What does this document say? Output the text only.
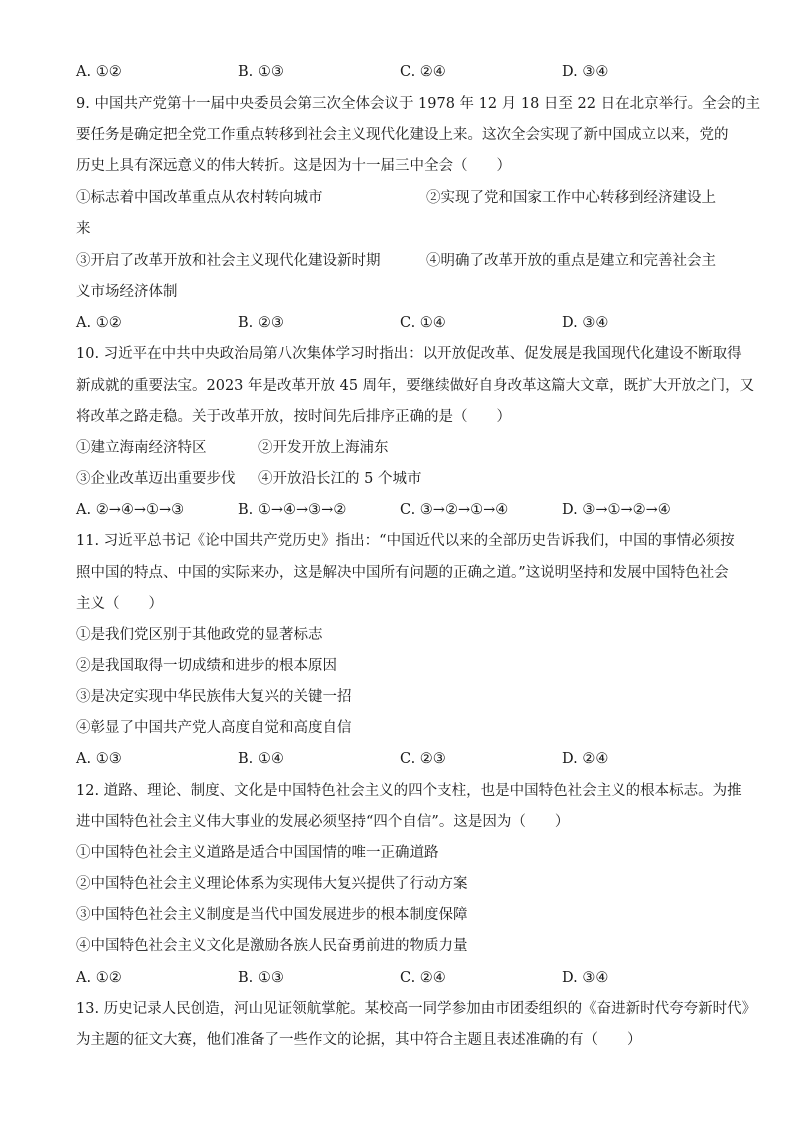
A. ①②	B. ①③	C. ②④	D. ③④
9. 中国共产党第十一届中央委员会第三次全体会议于 1978 年 12 月 18 日至 22 日在北京举行。全会的主
要任务是确定把全党工作重点转移到社会主义现代化建设上来。这次全会实现了新中国成立以来，党的
历史上具有深远意义的伟大转折。这是因为十一届三中全会（　　）
①标志着中国改革重点从农村转向城市	②实现了党和国家工作中心转移到经济建设上
来
③开启了改革开放和社会主义现代化建设新时期	④明确了改革开放的重点是建立和完善社会主
义市场经济体制
A. ①②	B. ②③	C. ①④	D. ③④
10. 习近平在中共中央政治局第八次集体学习时指出：以开放促改革、促发展是我国现代化建设不断取得
新成就的重要法宝。2023 年是改革开放 45 周年，要继续做好自身改革这篇大文章，既扩大开放之门，又
将改革之路走稳。关于改革开放，按时间先后排序正确的是（　　）
①建立海南经济特区	②开发开放上海浦东
③企业改革迈出重要步伐 ④开放沿长江的 5 个城市
A. ②→④→①→③	B. ①→④→③→②	C. ③→②→①→④	D. ③→①→②→④
11. 习近平总书记《论中国共产党历史》指出：“中国近代以来的全部历史告诉我们，中国的事情必须按
照中国的特点、中国的实际来办，这是解决中国所有问题的正确之道。”这说明坚持和发展中国特色社会
主义（　　）
①是我们党区别于其他政党的显著标志
②是我国取得一切成绩和进步的根本原因
③是决定实现中华民族伟大复兴的关键一招
④彰显了中国共产党人高度自觉和高度自信
A. ①③	B. ①④	C. ②③	D. ②④
12. 道路、理论、制度、文化是中国特色社会主义的四个支柱，也是中国特色社会主义的根本标志。为推
进中国特色社会主义伟大事业的发展必须坚持“四个自信”。这是因为（　　）
①中国特色社会主义道路是适合中国国情的唯一正确道路
②中国特色社会主义理论体系为实现伟大复兴提供了行动方案
③中国特色社会主义制度是当代中国发展进步的根本制度保障
④中国特色社会主义文化是激励各族人民奋勇前进的物质力量
A. ①②	B. ①③	C. ②④	D. ③④
13. 历史记录人民创造，河山见证领航掌舵。某校高一同学参加由市团委组织的《奋进新时代夸夸新时代》
为主题的征文大赛，他们准备了一些作文的论据，其中符合主题且表述准确的有（　　）
